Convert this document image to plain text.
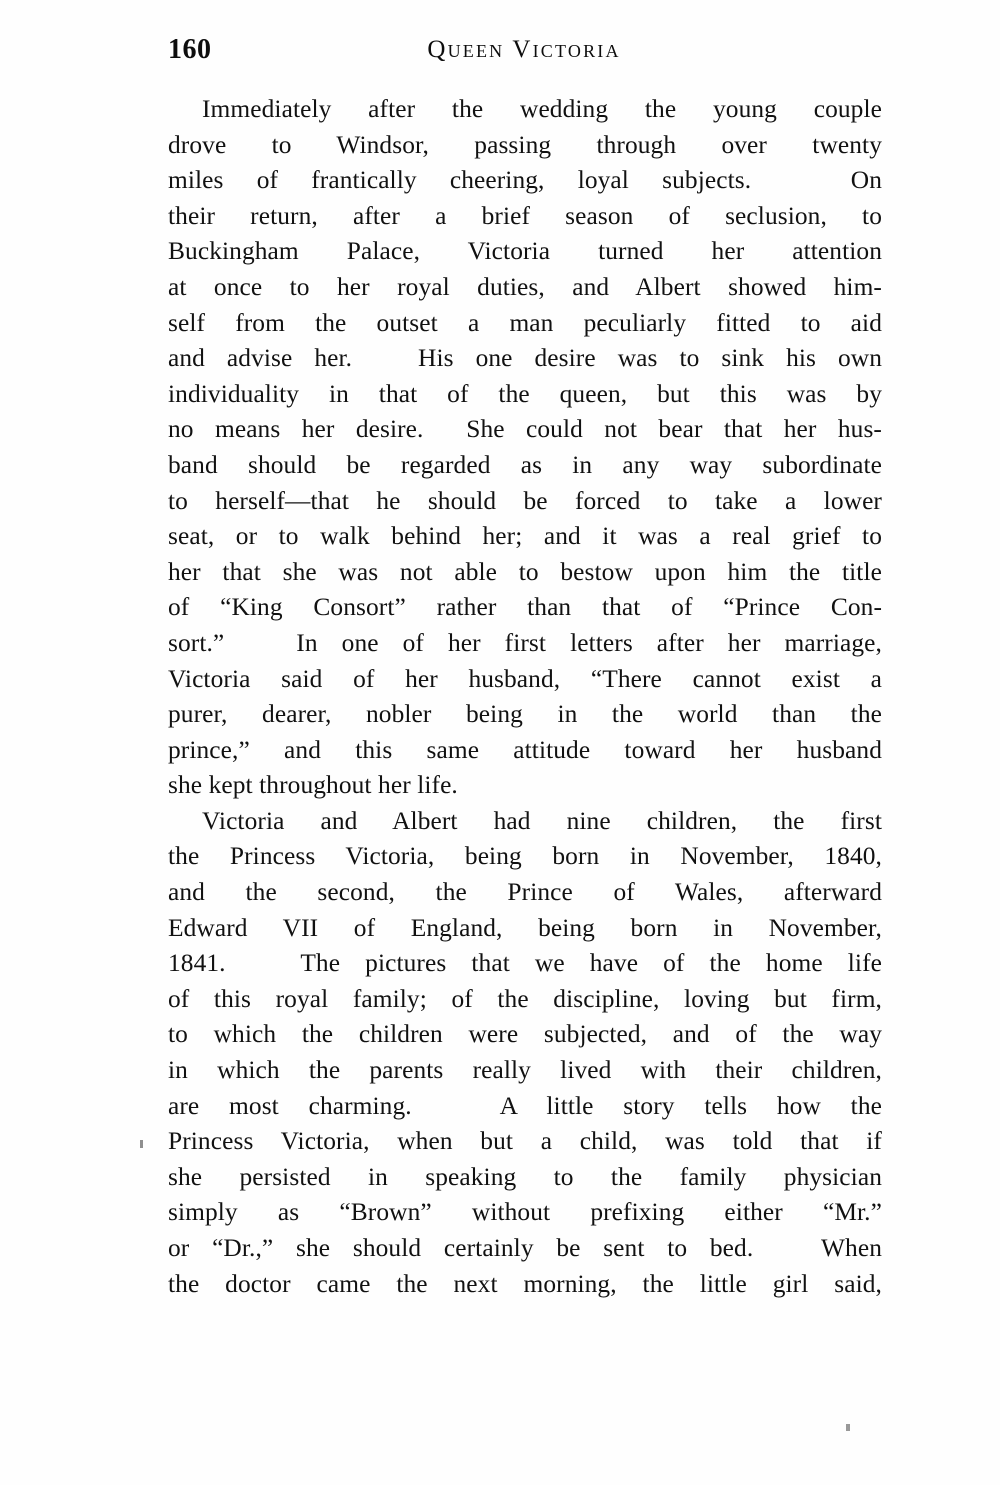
160	Queen Victoria
Immediately after the wedding the young couple
drove to Windsor, passing through over twenty
miles of frantically cheering, loyal subjects.   On
their return, after a brief season of seclusion, to
Buckingham Palace, Victoria turned her attention
at once to her royal duties, and Albert showed him-
self from the outset a man peculiarly fitted to aid
and advise her.   His one desire was to sink his own
individuality in that of the queen, but this was by
no means her desire.  She could not bear that her hus-
band should be regarded as in any way subordinate
to herself—that he should be forced to take a lower
seat, or to walk behind her; and it was a real grief to
her that she was not able to bestow upon him the title
of “King Consort” rather than that of “Prince Con-
sort.”   In one of her first letters after her marriage,
Victoria said of her husband, “There cannot exist a
purer, dearer, nobler being in the world than the
prince,” and this same attitude toward her husband
she kept throughout her life.
Victoria and Albert had nine children, the first
the Princess Victoria, being born in November, 1840,
and the second, the Prince of Wales, afterward
Edward VII of England, being born in November,
1841.   The pictures that we have of the home life
of this royal family; of the discipline, loving but firm,
to which the children were subjected, and of the way
in which the parents really lived with their children,
are most charming.   A little story tells how the
Princess Victoria, when but a child, was told that if
she persisted in speaking to the family physician
simply as “Brown” without prefixing either “Mr.”
or “Dr.,” she should certainly be sent to bed.   When
the doctor came the next morning, the little girl said,
